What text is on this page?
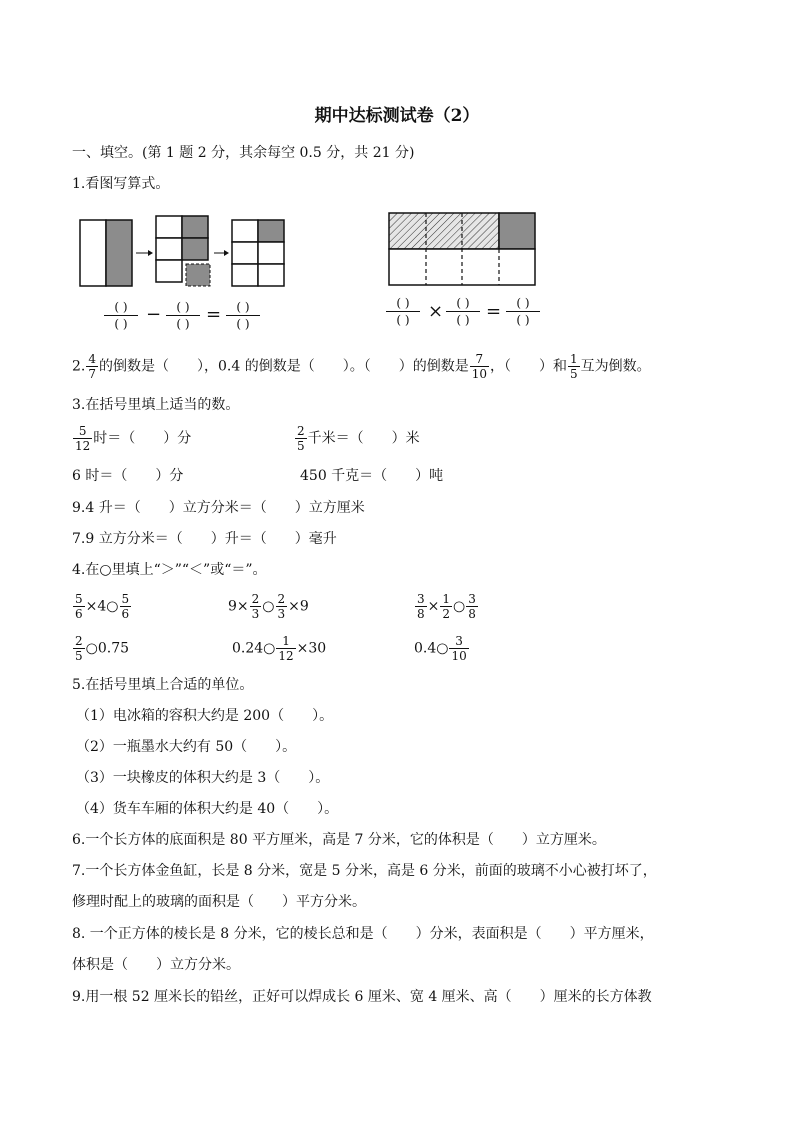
期中达标测试卷（2）
一、填空。(第 1 题 2 分，其余每空 0.5 分，共 21 分)
1.看图写算式。
( )
( )	−	( )
( ) =	( )
( )
( )
( )	×	( )
( ) =	( )
( )
2. $\frac{4}{7}$ 的倒数是（　　），0.4 的倒数是（　　）。（　　）的倒数是 $\frac{7}{10}$ ，（　　）和 $\frac{1}{5}$ 互为倒数。
3.在括号里填上适当的数。
$\frac{5}{12}$ 时＝（　　）分	$\frac{2}{5}$ 千米＝（　　）米
6 时＝（　　）分	450 千克＝（　　）吨
9.4 升＝（　　）立方分米＝（　　）立方厘米
7.9 立方分米＝（　　）升＝（　　）毫升
4.在○里填上“＞”“＜”或“＝”。
$\frac{5}{6}$ ×4○ $\frac{5}{6}$	$9\times \frac{2}{3}$ ○ $\frac{2}{3} \times 9$	$\frac{3}{8} \times \frac{1}{2}$ ○ $\frac{3}{8}$
$\frac{2}{5}$ ○0.75	0.24○ $\frac{1}{12} \times 30$	0.4○ $\frac{3}{10}$
5.在括号里填上合适的单位。
（1）电冰箱的容积大约是 200（　　）。
（2）一瓶墨水大约有 50（　　）。
（3）一块橡皮的体积大约是 3（　　）。
（4）货车车厢的体积大约是 40（　　）。
6.一个长方体的底面积是 80 平方厘米，高是 7 分米，它的体积是（　　）立方厘米。
7.一个长方体金鱼缸，长是 8 分米，宽是 5 分米，高是 6 分米，前面的玻璃不小心被打坏了，
修理时配上的玻璃的面积是（　　）平方分米。
8. 一个正方体的棱长是 8 分米，它的棱长总和是（　　）分米，表面积是（　　）平方厘米，
体积是（　　）立方分米。
9.用一根 52 厘米长的铅丝，正好可以焊成长 6 厘米、宽 4 厘米、高（　　）厘米的长方体教
